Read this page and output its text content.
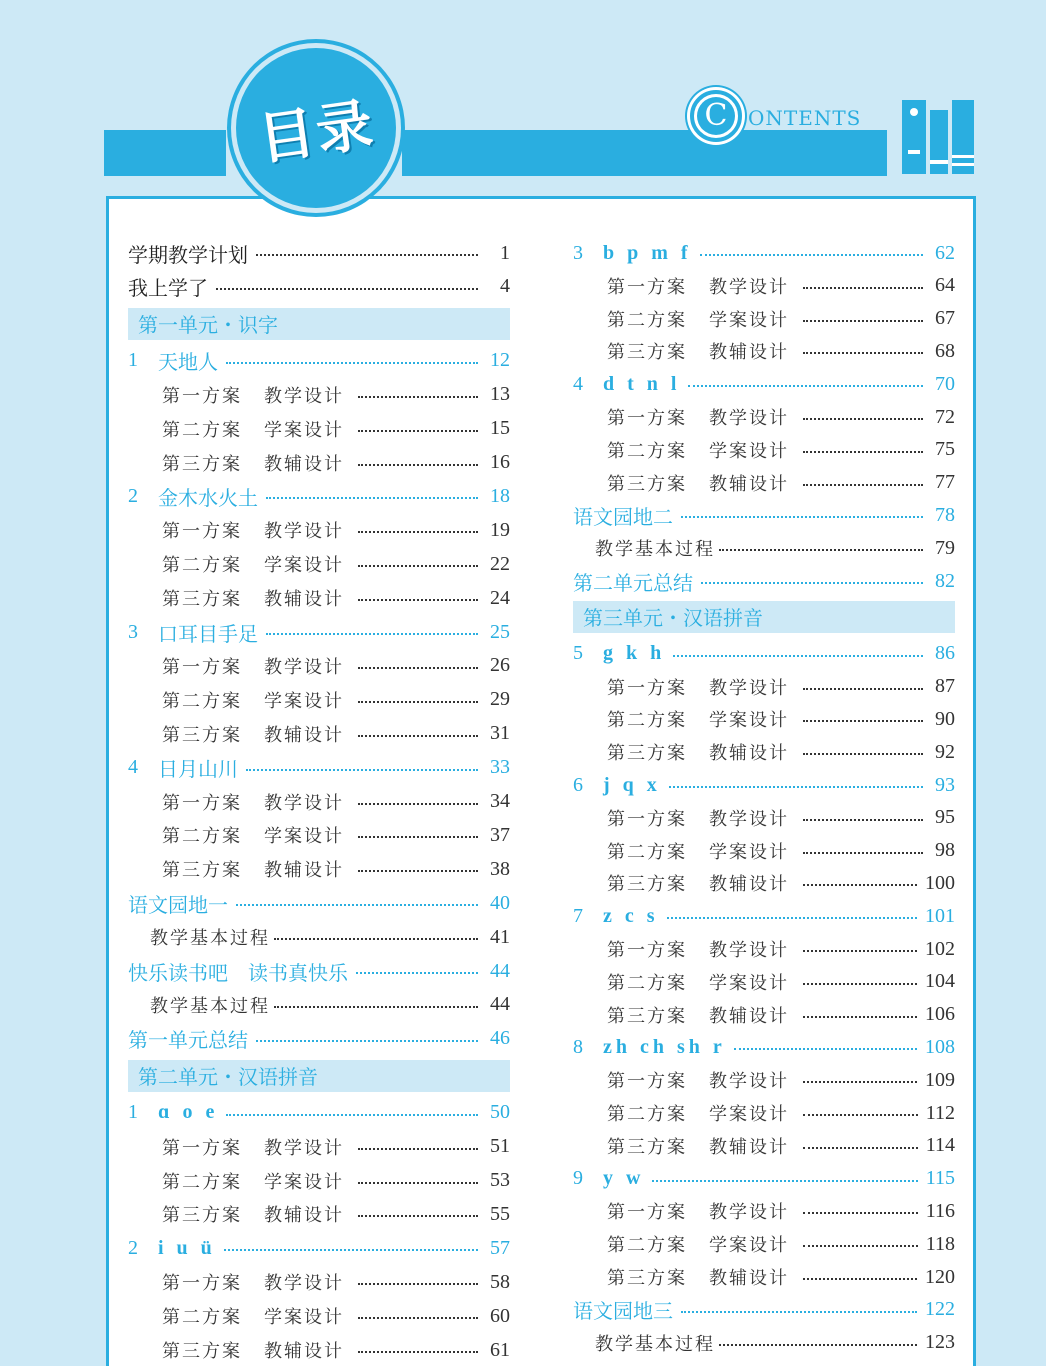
目录	C	ONTENTS
学期教学计划	1
我上学了	4
第一单元・识字
1	天地人	12
第一方案 教学设计	13
第二方案 学案设计	15
第三方案 教辅设计	16
2	金木水火土	18
第一方案 教学设计	19
第二方案 学案设计	22
第三方案 教辅设计	24
3	口耳目手足	25
第一方案 教学设计	26
第二方案 学案设计	29
第三方案 教辅设计	31
4	日月山川	33
第一方案 教学设计	34
第二方案 学案设计	37
第三方案 教辅设计	38
语文园地一	40
教学基本过程	41
快乐读书吧　读书真快乐	44
教学基本过程	44
第一单元总结	46
第二单元・汉语拼音
1	ɑ o e	50
第一方案 教学设计	51
第二方案 学案设计	53
第三方案 教辅设计	55
2	i u ü	57
第一方案 教学设计	58
第二方案 学案设计	60
第三方案 教辅设计	61
3	b p m f	62
第一方案 教学设计	64
第二方案 学案设计	67
第三方案 教辅设计	68
4	d t n l	70
第一方案 教学设计	72
第二方案 学案设计	75
第三方案 教辅设计	77
语文园地二	78
教学基本过程	79
第二单元总结	82
第三单元・汉语拼音
5	g k h	86
第一方案 教学设计	87
第二方案 学案设计	90
第三方案 教辅设计	92
6	j q x	93
第一方案 教学设计	95
第二方案 学案设计	98
第三方案 教辅设计	100
7	z c s	101
第一方案 教学设计	102
第二方案 学案设计	104
第三方案 教辅设计	106
8	zh ch sh r	108
第一方案 教学设计	109
第二方案 学案设计	112
第三方案 教辅设计	114
9	y w	115
第一方案 教学设计	116
第二方案 学案设计	118
第三方案 教辅设计	120
语文园地三	122
教学基本过程	123
